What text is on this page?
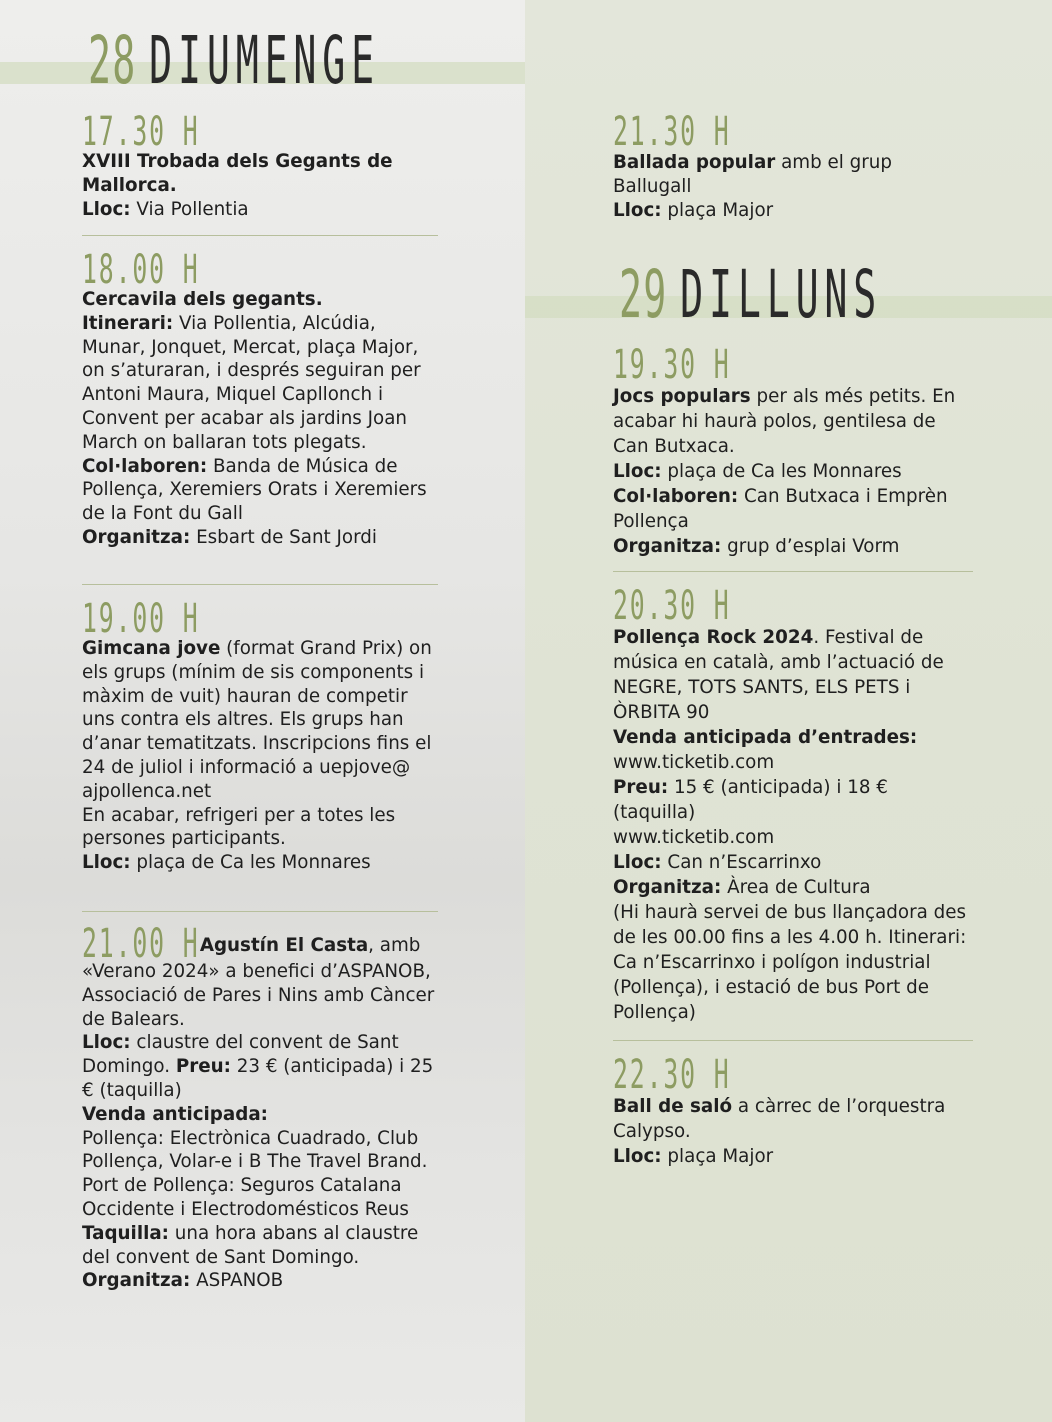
28 DIUMENGE
17.30 H

XVIII Trobada dels Gegants de Mallorca.

Lloc: Via Pollentia

18.00 H

Cercavila dels gegants.

Itinerari: Via Pollentia, Alcúdia, Munar, Jonquet, Mercat, plaça Major, on s’aturaran, i després seguiran per Antoni Maura, Miquel Capllonch i Convent per acabar als jardins Joan March on ballaran tots plegats.

Col·laboren: Banda de Música de Pollença, Xeremiers Orats i Xeremiers de la Font du Gall

Organitza: Esbart de Sant Jordi

19.00 H

Gimcana jove (format Grand Prix) on els grups (mínim de sis components i màxim de vuit) hauran de competir uns contra els altres. Els grups han d’anar tematitzats. Inscripcions fins el 24 de juliol i informació a uepjove@ ajpollenca.net

En acabar, refrigeri per a totes les persones participants.

Lloc: plaça de Ca les Monnares

21.00 H Agustín El Casta, amb «Verano 2024» a benefici d’ASPANOB, Associació de Pares i Nins amb Càncer de Balears.

Lloc: claustre del convent de Sant Domingo. Preu: 23 € (anticipada) i 25 € (taquilla)

Venda anticipada:

Pollença: Electrònica Cuadrado, Club Pollença, Volar-e i B The Travel Brand. Port de Pollença: Seguros Catalana Occidente i Electrodomésticos Reus

Taquilla: una hora abans al claustre del convent de Sant Domingo.

Organitza: ASPANOB

21.30 H

Ballada popular amb el grup Ballugall

Lloc: plaça Major

29 DILLUNS
19.30 H

Jocs populars per als més petits. En acabar hi haurà polos, gentilesa de Can Butxaca.

Lloc: plaça de Ca les Monnares

Col·laboren: Can Butxaca i Emprèn Pollença

Organitza: grup d’esplai Vorm

20.30 H

Pollença Rock 2024. Festival de música en català, amb l’actuació de NEGRE, TOTS SANTS, ELS PETS i ÒRBITA 90

Venda anticipada d’entrades:

www.ticketib.com

Preu: 15 € (anticipada) i 18 € (taquilla)

www.ticketib.com

Lloc: Can n’Escarrinxo

Organitza: Àrea de Cultura

(Hi haurà servei de bus llançadora des de les 00.00 fins a les 4.00 h. Itinerari: Ca n’Escarrinxo i polígon industrial (Pollença), i estació de bus Port de Pollença)

22.30 H

Ball de saló a càrrec de l’orquestra Calypso.

Lloc: plaça Major
